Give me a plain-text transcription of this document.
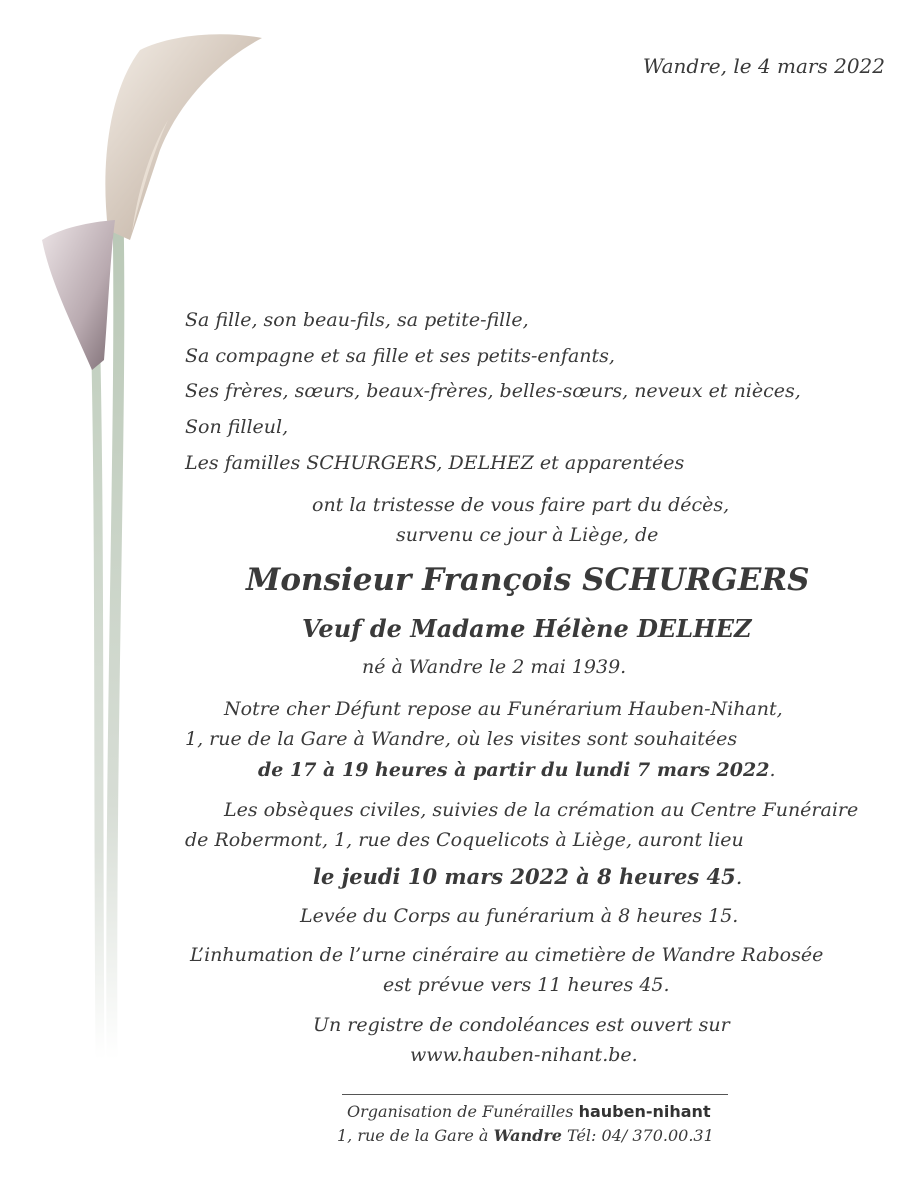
Wandre, le 4 mars 2022
Sa fille, son beau-fils, sa petite-fille,
Sa compagne et sa fille et ses petits-enfants,
Ses frères, sœurs, beaux-frères, belles-sœurs, neveux et nièces,
Son filleul,
Les familles SCHURGERS, DELHEZ et apparentées
ont la tristesse de vous faire part du décès,
survenu ce jour à Liège, de
Monsieur François SCHURGERS
Veuf de Madame Hélène DELHEZ
né à Wandre le 2 mai 1939.
Notre cher Défunt repose au Funérarium Hauben-Nihant,
1, rue de la Gare à Wandre, où les visites sont souhaitées
de 17 à 19 heures à partir du lundi 7 mars 2022.
Les obsèques civiles, suivies de la crémation au Centre Funéraire
de Robermont, 1, rue des Coquelicots à Liège, auront lieu
le jeudi 10 mars 2022 à 8 heures 45.
Levée du Corps au funérarium à 8 heures 15.
L’inhumation de l’urne cinéraire au cimetière de Wandre Rabosée
est prévue vers 11 heures 45.
Un registre de condoléances est ouvert sur
www.hauben-nihant.be.
Organisation de Funérailles hauben-nihant
1, rue de la Gare à Wandre Tél: 04/ 370.00.31
